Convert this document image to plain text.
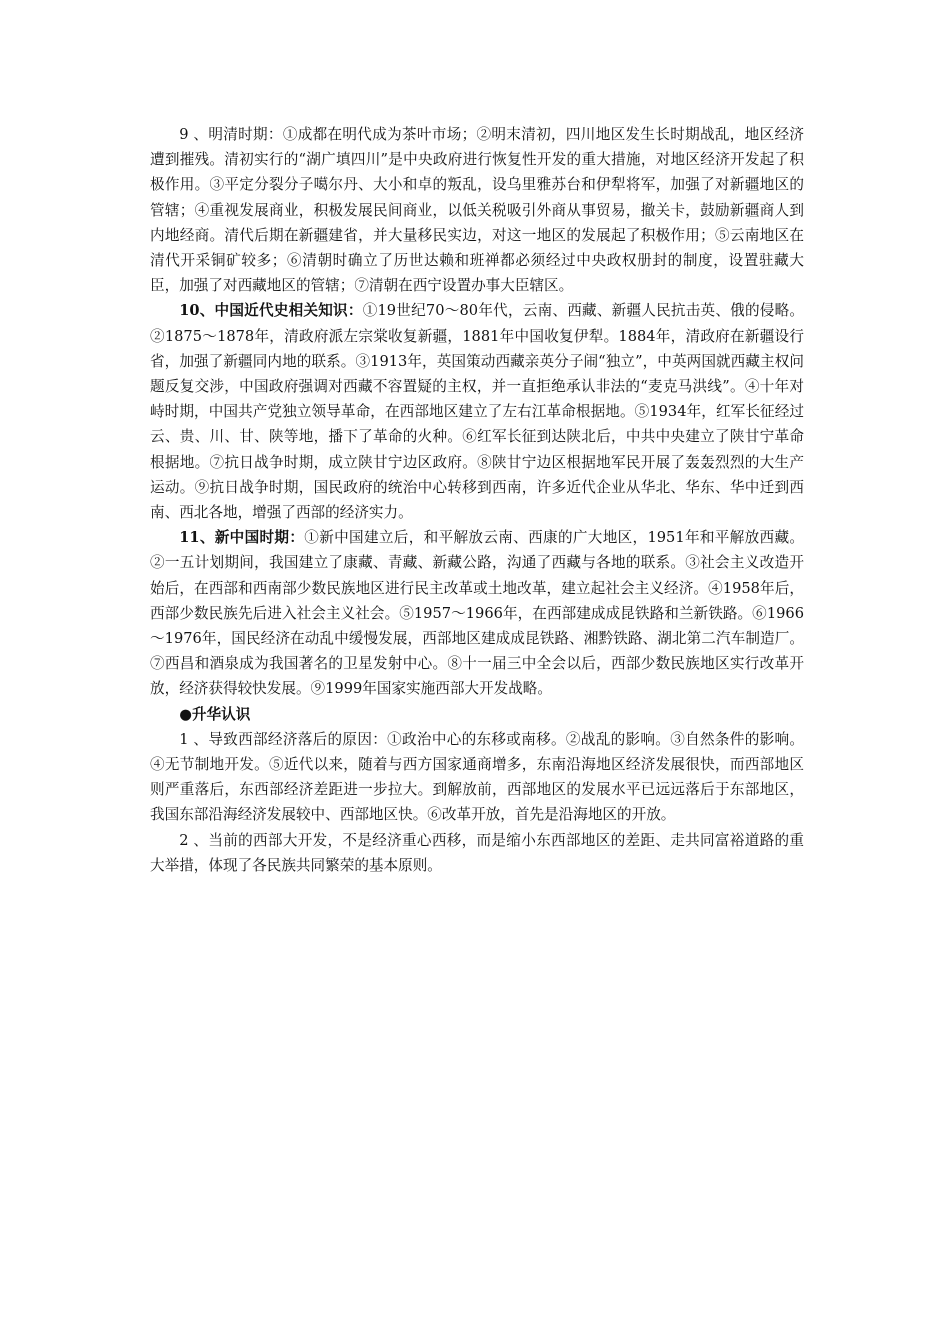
9 、明清时期：①成都在明代成为茶叶市场；②明末清初，四川地区发生长时期战乱，地区经济遭到摧残。清初实行的“湖广填四川”是中央政府进行恢复性开发的重大措施，对地区经济开发起了积极作用。③平定分裂分子噶尔丹、大小和卓的叛乱，设乌里雅苏台和伊犁将军，加强了对新疆地区的管辖；④重视发展商业，积极发展民间商业，以低关税吸引外商从事贸易，撤关卡，鼓励新疆商人到内地经商。清代后期在新疆建省，并大量移民实边，对这一地区的发展起了积极作用；⑤云南地区在清代开采铜矿较多；⑥清朝时确立了历世达赖和班禅都必须经过中央政权册封的制度，设置驻藏大臣，加强了对西藏地区的管辖；⑦清朝在西宁设置办事大臣辖区。

10、中国近代史相关知识：①19世纪70～80年代，云南、西藏、新疆人民抗击英、俄的侵略。②1875～1878年，清政府派左宗棠收复新疆，1881年中国收复伊犁。1884年，清政府在新疆设行省，加强了新疆同内地的联系。③1913年，英国策动西藏亲英分子闹“独立”，中英两国就西藏主权问题反复交涉，中国政府强调对西藏不容置疑的主权，并一直拒绝承认非法的“麦克马洪线”。④十年对峙时期，中国共产党独立领导革命，在西部地区建立了左右江革命根据地。⑤1934年，红军长征经过云、贵、川、甘、陕等地，播下了革命的火种。⑥红军长征到达陕北后，中共中央建立了陕甘宁革命根据地。⑦抗日战争时期，成立陕甘宁边区政府。⑧陕甘宁边区根据地军民开展了轰轰烈烈的大生产运动。⑨抗日战争时期，国民政府的统治中心转移到西南，许多近代企业从华北、华东、华中迁到西南、西北各地，增强了西部的经济实力。

11、新中国时期：①新中国建立后，和平解放云南、西康的广大地区，1951年和平解放西藏。②一五计划期间，我国建立了康藏、青藏、新藏公路，沟通了西藏与各地的联系。③社会主义改造开始后，在西部和西南部少数民族地区进行民主改革或土地改革，建立起社会主义经济。④1958年后，西部少数民族先后进入社会主义社会。⑤1957～1966年，在西部建成成昆铁路和兰新铁路。⑥1966～1976年，国民经济在动乱中缓慢发展，西部地区建成成昆铁路、湘黔铁路、湖北第二汽车制造厂。⑦西昌和酒泉成为我国著名的卫星发射中心。⑧十一届三中全会以后，西部少数民族地区实行改革开放，经济获得较快发展。⑨1999年国家实施西部大开发战略。

●升华认识

1 、导致西部经济落后的原因：①政治中心的东移或南移。②战乱的影响。③自然条件的影响。④无节制地开发。⑤近代以来，随着与西方国家通商增多，东南沿海地区经济发展很快，而西部地区则严重落后，东西部经济差距进一步拉大。到解放前，西部地区的发展水平已远远落后于东部地区，我国东部沿海经济发展较中、西部地区快。⑥改革开放，首先是沿海地区的开放。

2 、当前的西部大开发，不是经济重心西移，而是缩小东西部地区的差距、走共同富裕道路的重大举措，体现了各民族共同繁荣的基本原则。
